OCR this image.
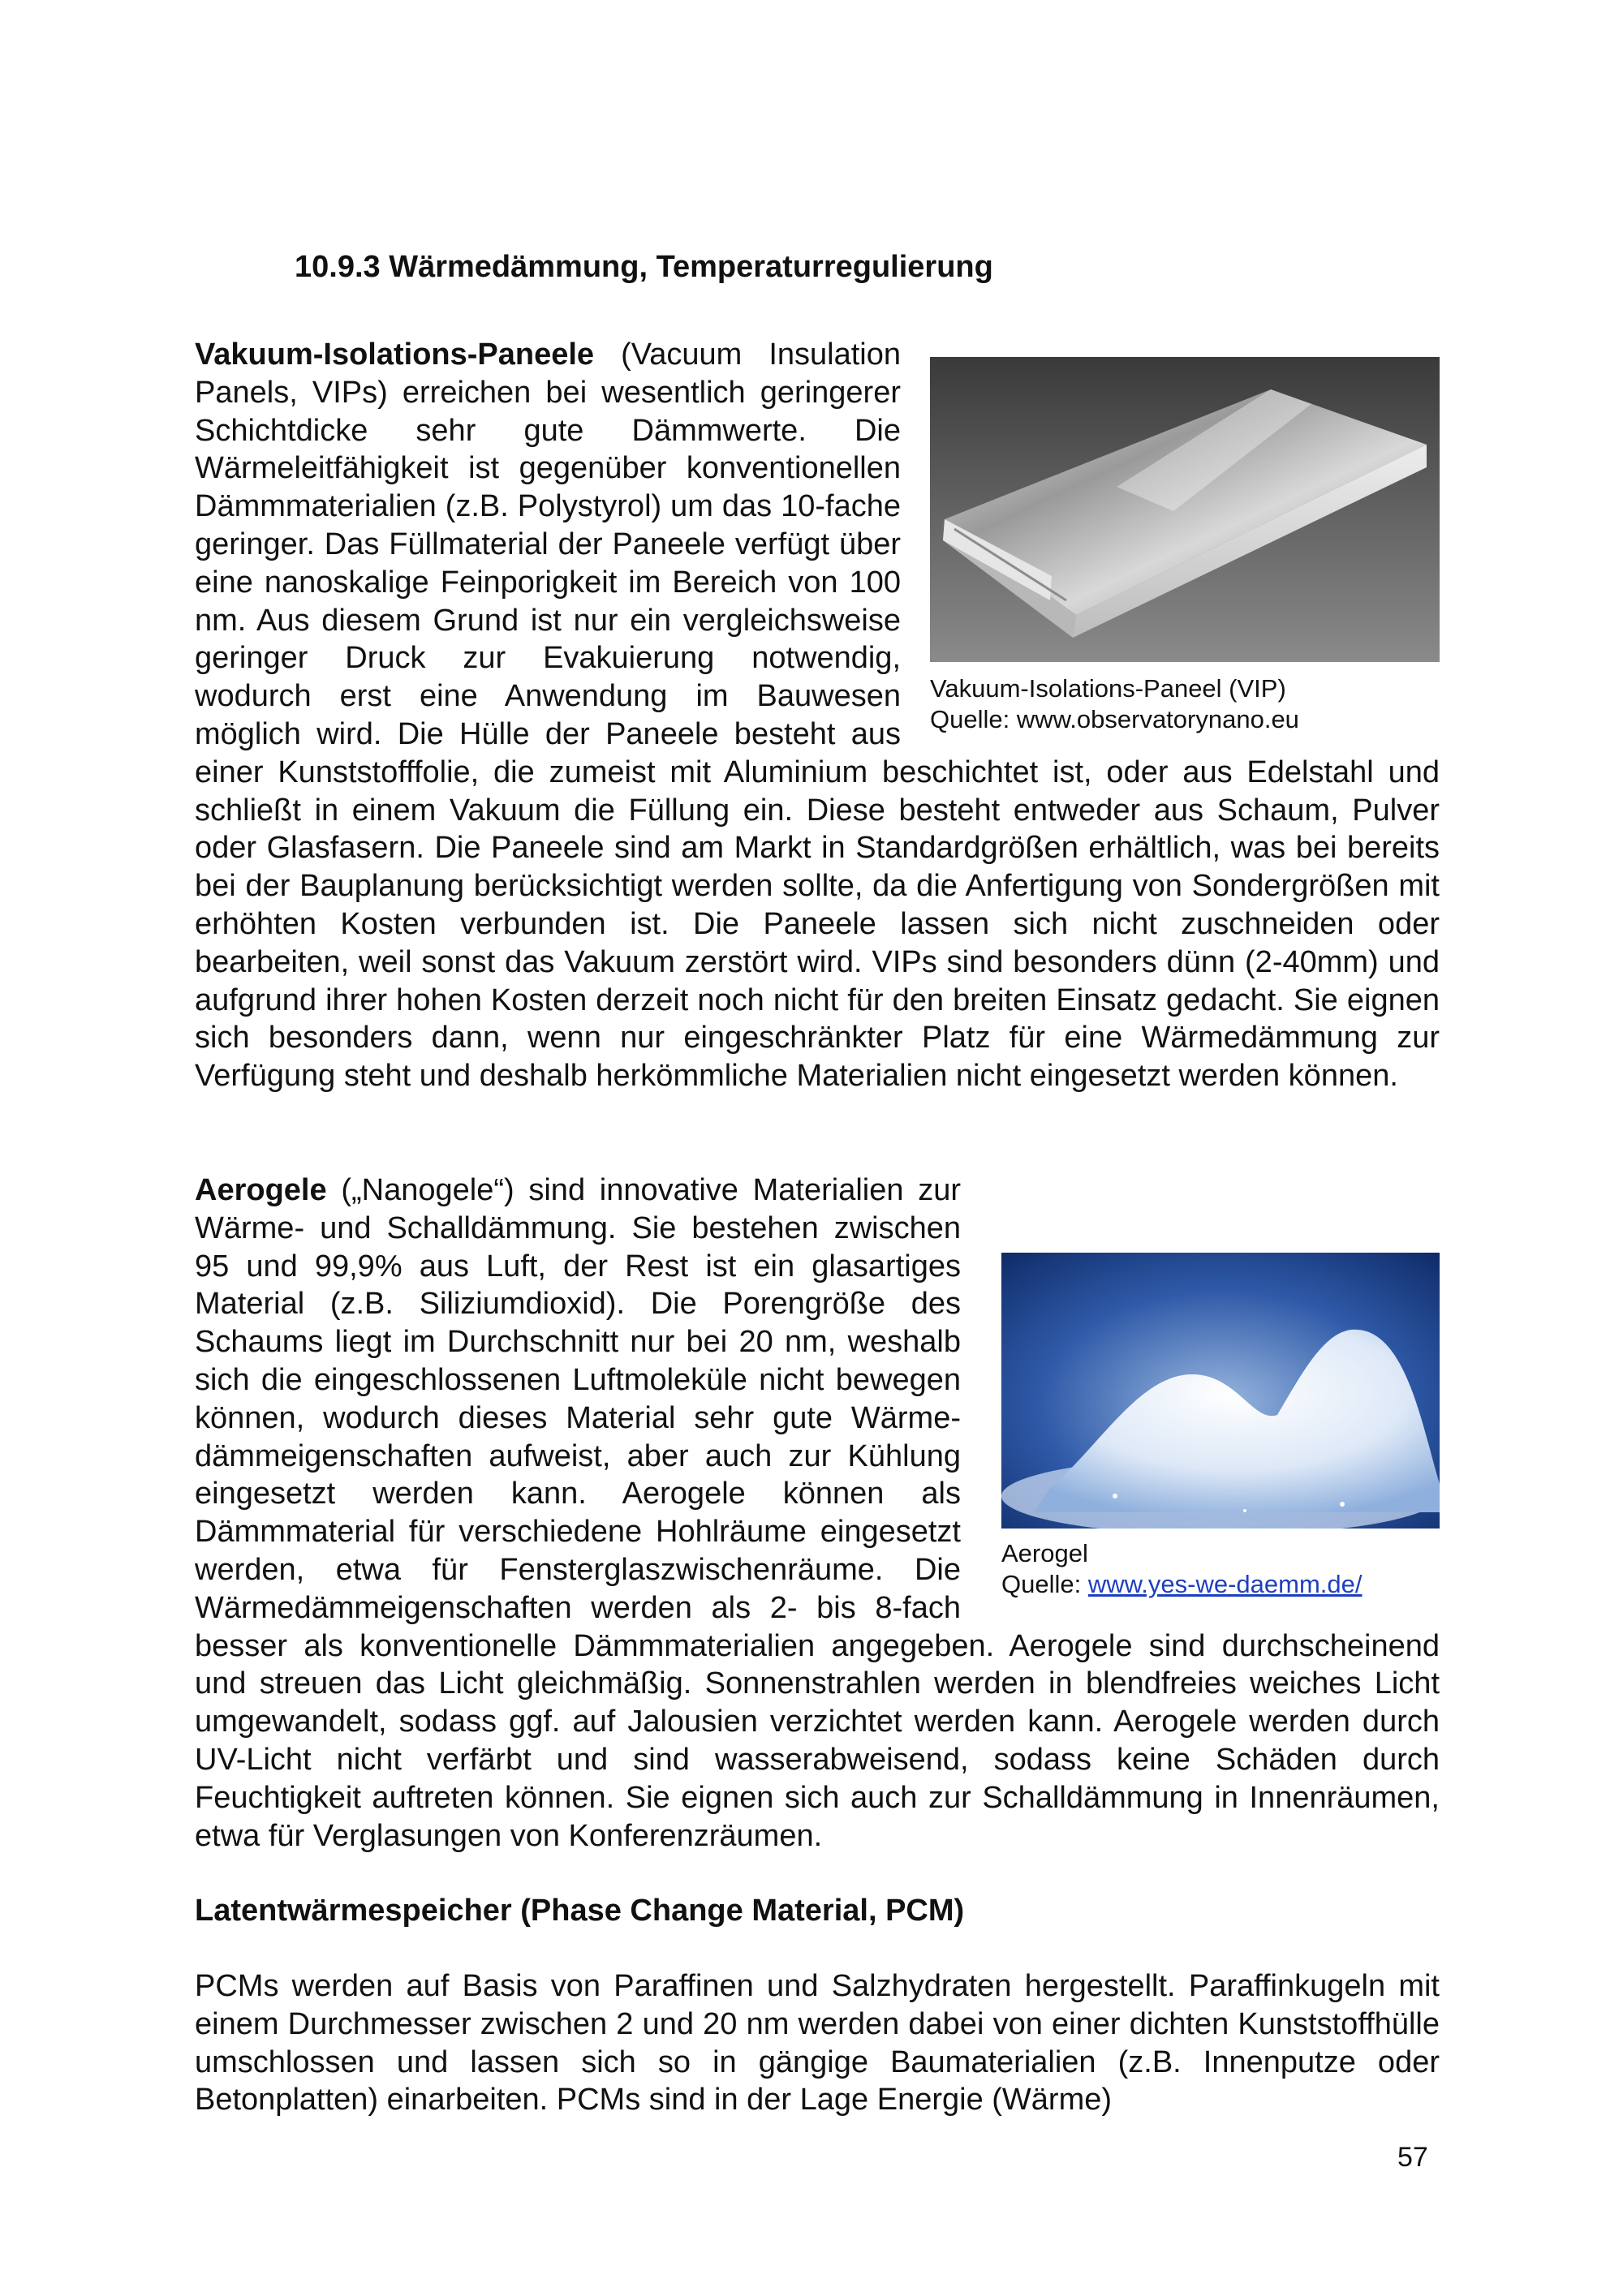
10.9.3 Wärmedämmung, Temperaturregulierung

Vakuum-Isolations-Paneel (VIP)

Quelle: www.observatorynano.eu

Vakuum-Isolations-Paneele (Vacuum Insulation Panels, VIPs) erreichen bei wesentlich geringerer Schichtdicke sehr gute Dämmwerte. Die Wärmeleitfähigkeit ist gegenüber konventionellen Dämmmaterialien (z.B. Polystyrol) um das 10-fache geringer. Das Füllmaterial der Paneele verfügt über eine nanoskalige Feinporigkeit im Bereich von 100 nm. Aus diesem Grund ist nur ein vergleichsweise geringer Druck zur Evakuierung notwendig, wodurch erst eine Anwendung im Bauwesen möglich wird. Die Hülle der Paneele besteht aus einer Kunststofffolie, die zumeist mit Aluminium beschichtet ist, oder aus Edelstahl und schließt in einem Vakuum die Füllung ein. Diese besteht entweder aus Schaum, Pulver oder Glasfasern. Die Paneele sind am Markt in Standardgrößen erhältlich, was bei bereits bei der Bauplanung berücksichtigt werden sollte, da die Anfertigung von Sondergrößen mit erhöhten Kosten verbunden ist. Die Paneele lassen sich nicht zuschneiden oder bearbeiten, weil sonst das Vakuum zerstört wird. VIPs sind besonders dünn (2-40mm) und aufgrund ihrer hohen Kosten derzeit noch nicht für den breiten Einsatz gedacht. Sie eignen sich besonders dann, wenn nur eingeschränkter Platz für eine Wärmedämmung zur Verfügung steht und deshalb herkömmliche Materialien nicht eingesetzt werden können.

Aerogel

Quelle: www.yes-we-daemm.de/

Aerogele („Nanogele“) sind innovative Materialien zur Wärme- und Schalldämmung. Sie bestehen zwischen 95 und 99,9% aus Luft, der Rest ist ein glasartiges Material (z.B. Siliziumdioxid). Die Porengröße des Schaums liegt im Durchschnitt nur bei 20 nm, weshalb sich die eingeschlossenen Luftmoleküle nicht bewegen können, wodurch dieses Material sehr gute Wärmedämmeigenschaften aufweist, aber auch zur Kühlung eingesetzt werden kann. Aerogele können als Dämmmaterial für verschiedene Hohlräume eingesetzt werden, etwa für Fensterglaszwischenräume. Die Wärmedämmeigenschaften werden als 2- bis 8-fach besser als konventionelle Dämmmaterialien angegeben. Aerogele sind durchscheinend und streuen das Licht gleichmäßig. Sonnenstrahlen werden in blendfreies weiches Licht umgewandelt, sodass ggf. auf Jalousien verzichtet werden kann. Aerogele werden durch UV-Licht nicht verfärbt und sind wasserabweisend, sodass keine Schäden durch Feuchtigkeit auftreten können. Sie eignen sich auch zur Schalldämmung in Innenräumen, etwa für Verglasungen von Konferenzräumen.
Latentwärmespeicher (Phase Change Material, PCM)

PCMs werden auf Basis von Paraffinen und Salzhydraten hergestellt. Paraffinkugeln mit einem Durchmesser zwischen 2 und 20 nm werden dabei von einer dichten Kunststoffhülle umschlossen und lassen sich so in gängige Baumaterialien (z.B. Innenputze oder Betonplatten) einarbeiten. PCMs sind in der Lage Energie (Wärme)

57
